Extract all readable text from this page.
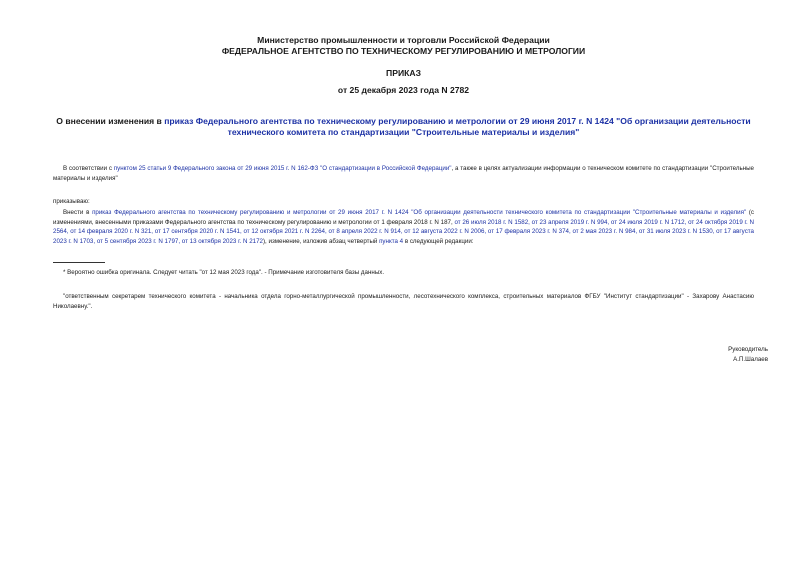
Министерство промышленности и торговли Российской Федерации
ФЕДЕРАЛЬНОЕ АГЕНТСТВО ПО ТЕХНИЧЕСКОМУ РЕГУЛИРОВАНИЮ И МЕТРОЛОГИИ
ПРИКАЗ
от 25 декабря 2023 года N 2782
О внесении изменения в приказ Федерального агентства по техническому регулированию и метрологии от 29 июня 2017 г. N 1424 "Об организации деятельности технического комитета по стандартизации "Строительные материалы и изделия"
В соответствии с пунктом 25 статьи 9 Федерального закона от 29 июня 2015 г. N 162-ФЗ "О стандартизации в Российской Федерации", а также в целях актуализации информации о техническом комитете по стандартизации "Строительные материалы и изделия"
приказываю:
Внести в приказ Федерального агентства по техническому регулированию и метрологии от 29 июня 2017 г. N 1424 "Об организации деятельности технического комитета по стандартизации "Строительные материалы и изделия" (с изменениями, внесенными приказами Федерального агентства по техническому регулированию и метрологии от 1 февраля 2018 г. N 187, от 26 июля 2018 г. N 1582, от 23 апреля 2019 г. N 994, от 24 июля 2019 г. N 1712, от 24 октября 2019 г. N 2564, от 14 февраля 2020 г. N 321, от 17 сентября 2020 г. N 1541, от 12 октября 2021 г. N 2264, от 8 апреля 2022 г. N 914, от 12 августа 2022 г. N 2006, от 17 февраля 2023 г. N 374, от 2 мая 2023 г. N 984, от 31 июля 2023 г. N 1530, от 17 августа 2023 г. N 1703, от 5 сентября 2023 г. N 1797, от 13 октября 2023 г. N 2172), изменение, изложив абзац четвертый пункта 4 в следующей редакции:
* Вероятно ошибка оригинала. Следует читать "от 12 мая 2023 года". - Примечание изготовителя базы данных.
"ответственным секретарем технического комитета - начальника отдела горно-металлургической промышленности, лесотехнического комплекса, строительных материалов ФГБУ "Институт стандартизации" - Захарову Анастасию Николаевну.".
Руководитель
А.П.Шалаев
